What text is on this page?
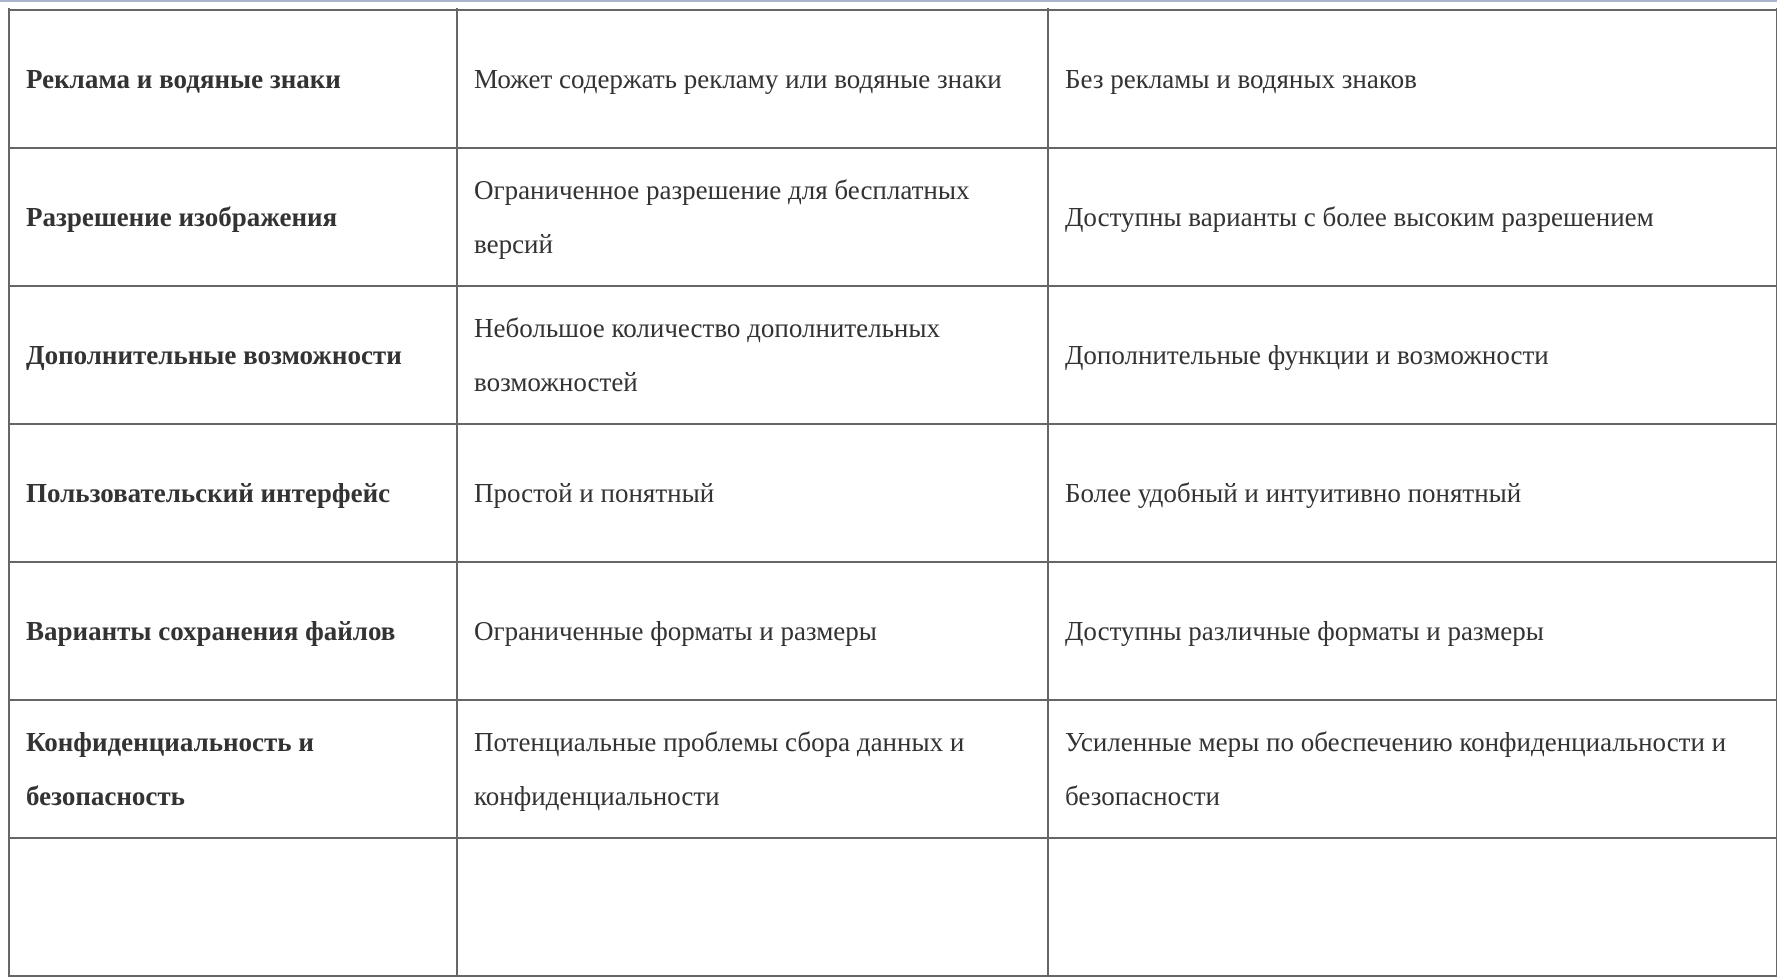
Реклама и водяные знаки	Может содержать рекламу или водяные знаки	Без рекламы и водяных знаков
Разрешение изображения	Ограниченное разрешение для бесплатных версий	Доступны варианты с более высоким разрешением
Дополнительные возможности	Небольшое количество дополнительных возможностей	Дополнительные функции и возможности
Пользовательский интерфейс	Простой и понятный	Более удобный и интуитивно понятный
Варианты сохранения файлов	Ограниченные форматы и размеры	Доступны различные форматы и размеры
Конфиденциальность и безопасность	Потенциальные проблемы сбора данных и конфиденциальности	Усиленные меры по обеспечению конфиденциальности и безопасности
